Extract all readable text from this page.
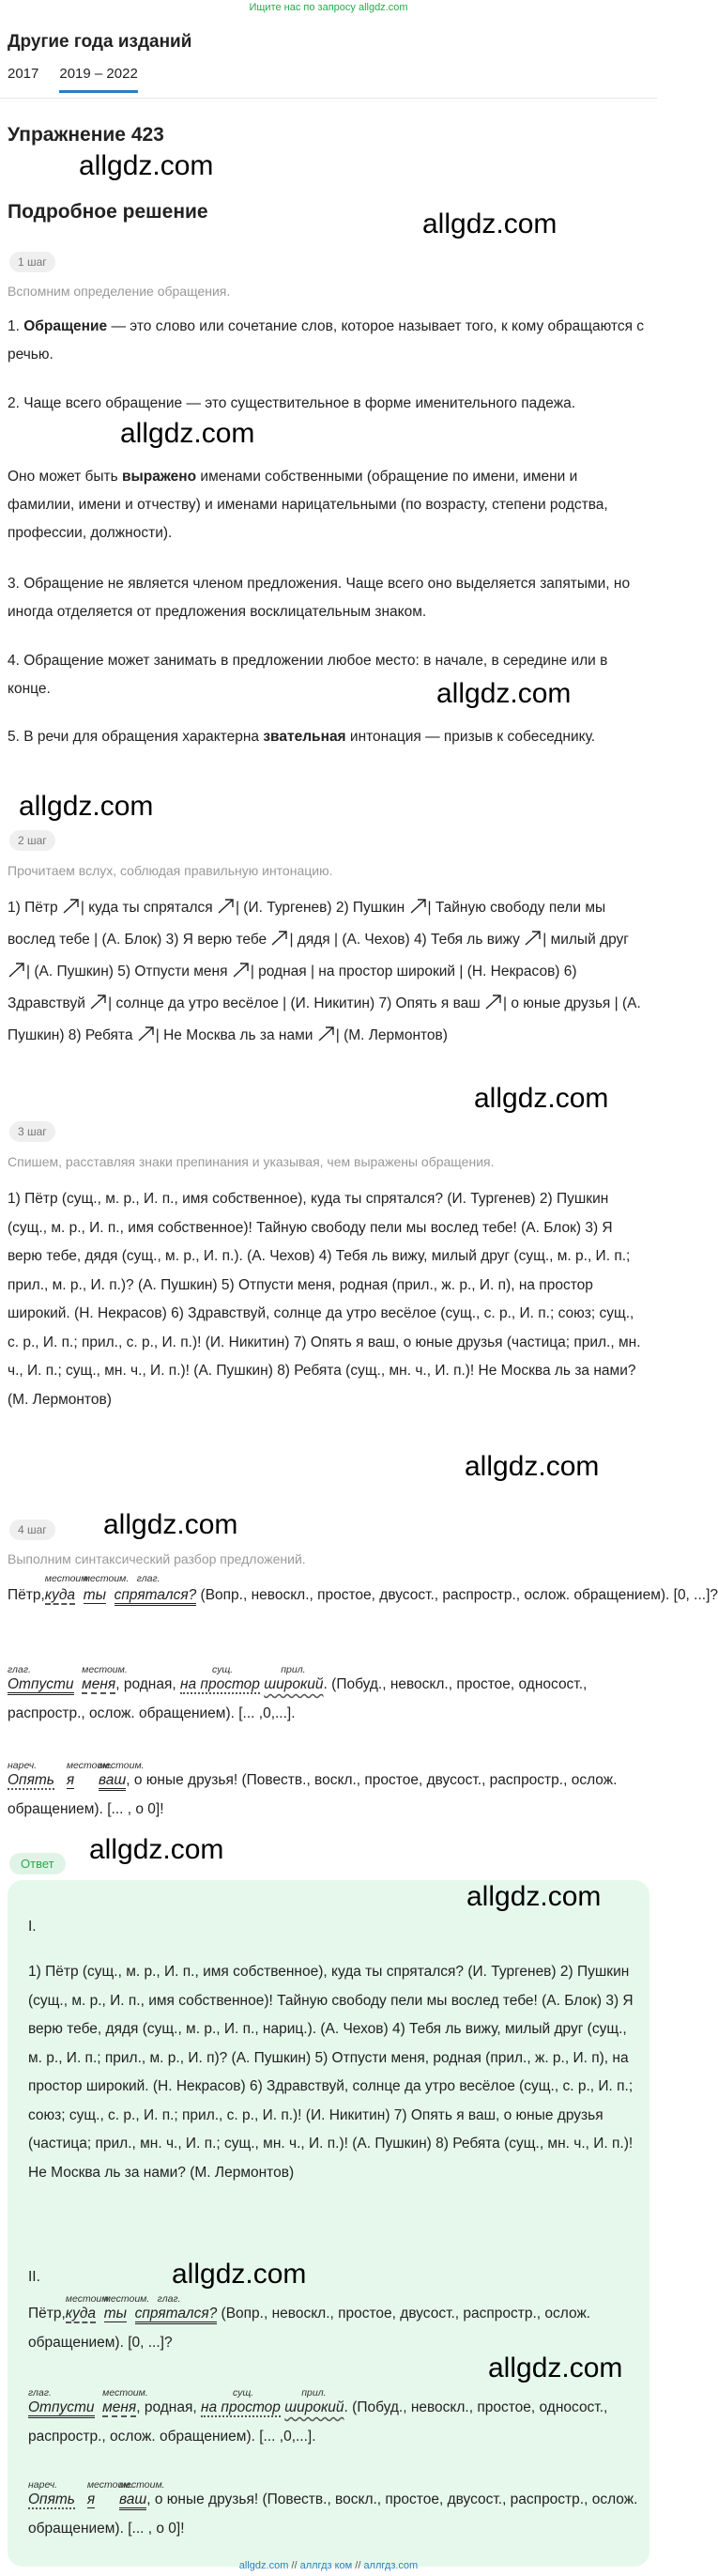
Ищите нас по запросу allgdz.com
Другие года изданий
2017 2019 – 2022
Упражнение 423
Подробное решение
allgdz.com
allgdz.com
allgdz.com
allgdz.com
allgdz.com
allgdz.com
allgdz.com
allgdz.com
allgdz.com
1 шаг
Вспомним определение обращения.
1. Обращение — это слово или сочетание слов, которое называет того, к кому обращаются с речью.
2. Чаще всего обращение — это существительное в форме именительного падежа.
Оно может быть выражено именами собственными (обращение по имени, имени и фамилии, имени и отчеству) и именами нарицательными (по возрасту, степени родства, профессии, должности).
3. Обращение не является членом предложения. Чаще всего оно выделяется запятыми, но иногда отделяется от предложения восклицательным знаком.
4. Обращение может занимать в предложении любое место: в начале, в середине или в конце.
5. В речи для обращения характерна звательная интонация — призыв к собеседнику.
2 шаг
Прочитаем вслух, соблюдая правильную интонацию.
1) Пётр | куда ты спрятался | (И. Тургенев) 2) Пушкин | Тайную свободу пели мы вослед тебе | (А. Блок) 3) Я верю тебе | дядя | (А. Чехов) 4) Тебя ль вижу | милый друг | (А. Пушкин) 5) Отпусти меня | родная | на простор широкий | (Н. Некрасов) 6) Здравствуй | солнце да утро весёлое | (И. Никитин) 7) Опять я ваш | о юные друзья | (А. Пушкин) 8) Ребята | Не Москва ль за нами | (М. Лермонтов)
3 шаг
Спишем, расставляя знаки препинания и указывая, чем выражены обращения.
1) Пётр (сущ., м. р., И. п., имя собственное), куда ты спрятался? (И. Тургенев) 2) Пушкин (сущ., м. р., И. п., имя собственное)! Тайную свободу пели мы вослед тебе! (А. Блок) 3) Я верю тебе, дядя (сущ., м. р., И. п.). (А. Чехов) 4) Тебя ль вижу, милый друг (сущ., м. р., И. п.; прил., м. р., И. п.)? (А. Пушкин) 5) Отпусти меня, родная (прил., ж. р., И. п), на простор широкий. (Н. Некрасов) 6) Здравствуй, солнце да утро весёлое (сущ., с. р., И. п.; союз; сущ., с. р., И. п.; прил., с. р., И. п.)! (И. Никитин) 7) Опять я ваш, о юные друзья (частица; прил., мн. ч., И. п.; сущ., мн. ч., И. п.)! (А. Пушкин) 8) Ребята (сущ., мн. ч., И. п.)! Не Москва ль за нами? (М. Лермонтов)
4 шаг
Выполним синтаксический разбор предложений.
Пётр,
местоим.
куда
местоим.
ты
глаг.
спрятался? (Вопр., невоскл., простое, двусост., распростр., ослож. обращением). [0, ...]?
глаг.
Отпусти
местоим.
меня, родная,
сущ.
на простор
прил.
широкий. (Побуд., невоскл., простое, односост., распростр., ослож. обращением). [... ,0,...].
нареч.
Опять
местоим.
я
местоим.
ваш, о юные друзья! (Повеств., воскл., простое, двусост., распростр., ослож. обращением). [... , о 0]!
Ответ
allgdz.com
I.
1) Пётр (сущ., м. р., И. п., имя собственное), куда ты спрятался? (И. Тургенев) 2) Пушкин (сущ., м. р., И. п., имя собственное)! Тайную свободу пели мы вослед тебе! (А. Блок) 3) Я верю тебе, дядя (сущ., м. р., И. п., нариц.). (А. Чехов) 4) Тебя ль вижу, милый друг (сущ., м. р., И. п.; прил., м. р., И. п)? (А. Пушкин) 5) Отпусти меня, родная (прил., ж. р., И. п), на простор широкий. (Н. Некрасов) 6) Здравствуй, солнце да утро весёлое (сущ., с. р., И. п.; союз; сущ., с. р., И. п.; прил., с. р., И. п.)! (И. Никитин) 7) Опять я ваш, о юные друзья (частица; прил., мн. ч., И. п.; сущ., мн. ч., И. п.)! (А. Пушкин) 8) Ребята (сущ., мн. ч., И. п.)! Не Москва ль за нами? (М. Лермонтов)
allgdz.com
II.
Пётр,
местоим.
куда
местоим.
ты
глаг.
спрятался? (Вопр., невоскл., простое, двусост., распростр., ослож. обращением). [0, ...]?
allgdz.com
глаг.
Отпусти
местоим.
меня, родная,
сущ.
на простор
прил.
широкий. (Побуд., невоскл., простое, односост., распростр., ослож. обращением). [... ,0,...].
нареч.
Опять
местоим.
я
местоим.
ваш, о юные друзья! (Повеств., воскл., простое, двусост., распростр., ослож. обращением). [... , о 0]!
allgdz.com // аллгдз ком // аллгдз.com
